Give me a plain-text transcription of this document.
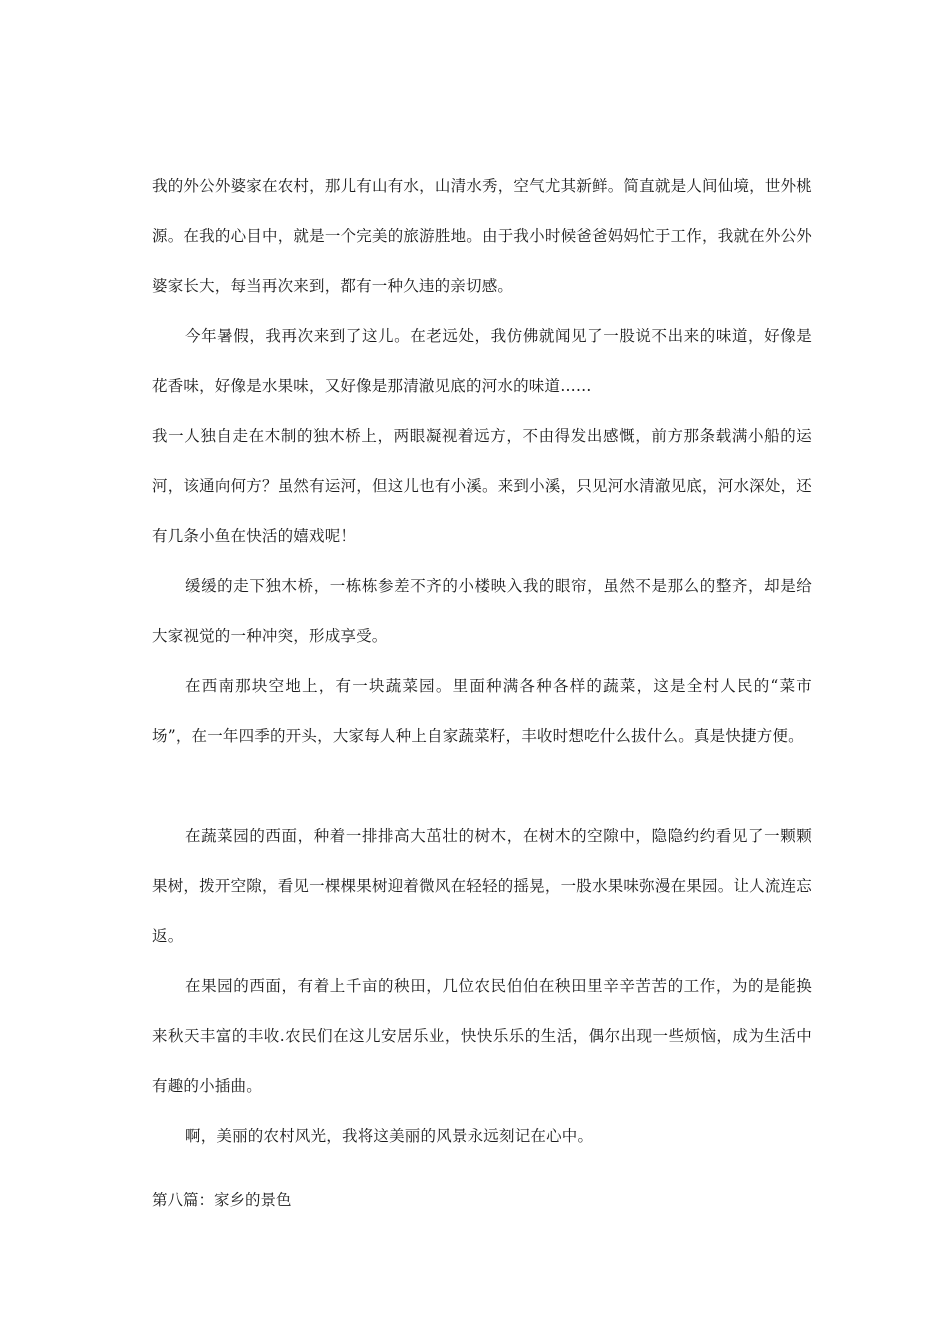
我的外公外婆家在农村，那儿有山有水，山清水秀，空气尤其新鲜。简直就是人间仙境，世外桃源。在我的心目中，就是一个完美的旅游胜地。由于我小时候爸爸妈妈忙于工作，我就在外公外婆家长大，每当再次来到，都有一种久违的亲切感。

今年暑假，我再次来到了这儿。在老远处，我仿佛就闻见了一股说不出来的味道，好像是花香味，好像是水果味，又好像是那清澈见底的河水的味道……

我一人独自走在木制的独木桥上，两眼凝视着远方，不由得发出感慨，前方那条载满小船的运河，该通向何方？虽然有运河，但这儿也有小溪。来到小溪，只见河水清澈见底，河水深处，还有几条小鱼在快活的嬉戏呢！

缓缓的走下独木桥，一栋栋参差不齐的小楼映入我的眼帘，虽然不是那么的整齐，却是给大家视觉的一种冲突，形成享受。

在西南那块空地上，有一块蔬菜园。里面种满各种各样的蔬菜，这是全村人民的“菜市场”，在一年四季的开头，大家每人种上自家蔬菜籽，丰收时想吃什么拔什么。真是快捷方便。

在蔬菜园的西面，种着一排排高大茁壮的树木，在树木的空隙中，隐隐约约看见了一颗颗果树，拨开空隙，看见一棵棵果树迎着微风在轻轻的摇晃，一股水果味弥漫在果园。让人流连忘返。

在果园的西面，有着上千亩的秧田，几位农民伯伯在秧田里辛辛苦苦的工作，为的是能换来秋天丰富的丰收.农民们在这儿安居乐业，快快乐乐的生活，偶尔出现一些烦恼，成为生活中有趣的小插曲。

啊，美丽的农村风光，我将这美丽的风景永远刻记在心中。

第八篇：家乡的景色
